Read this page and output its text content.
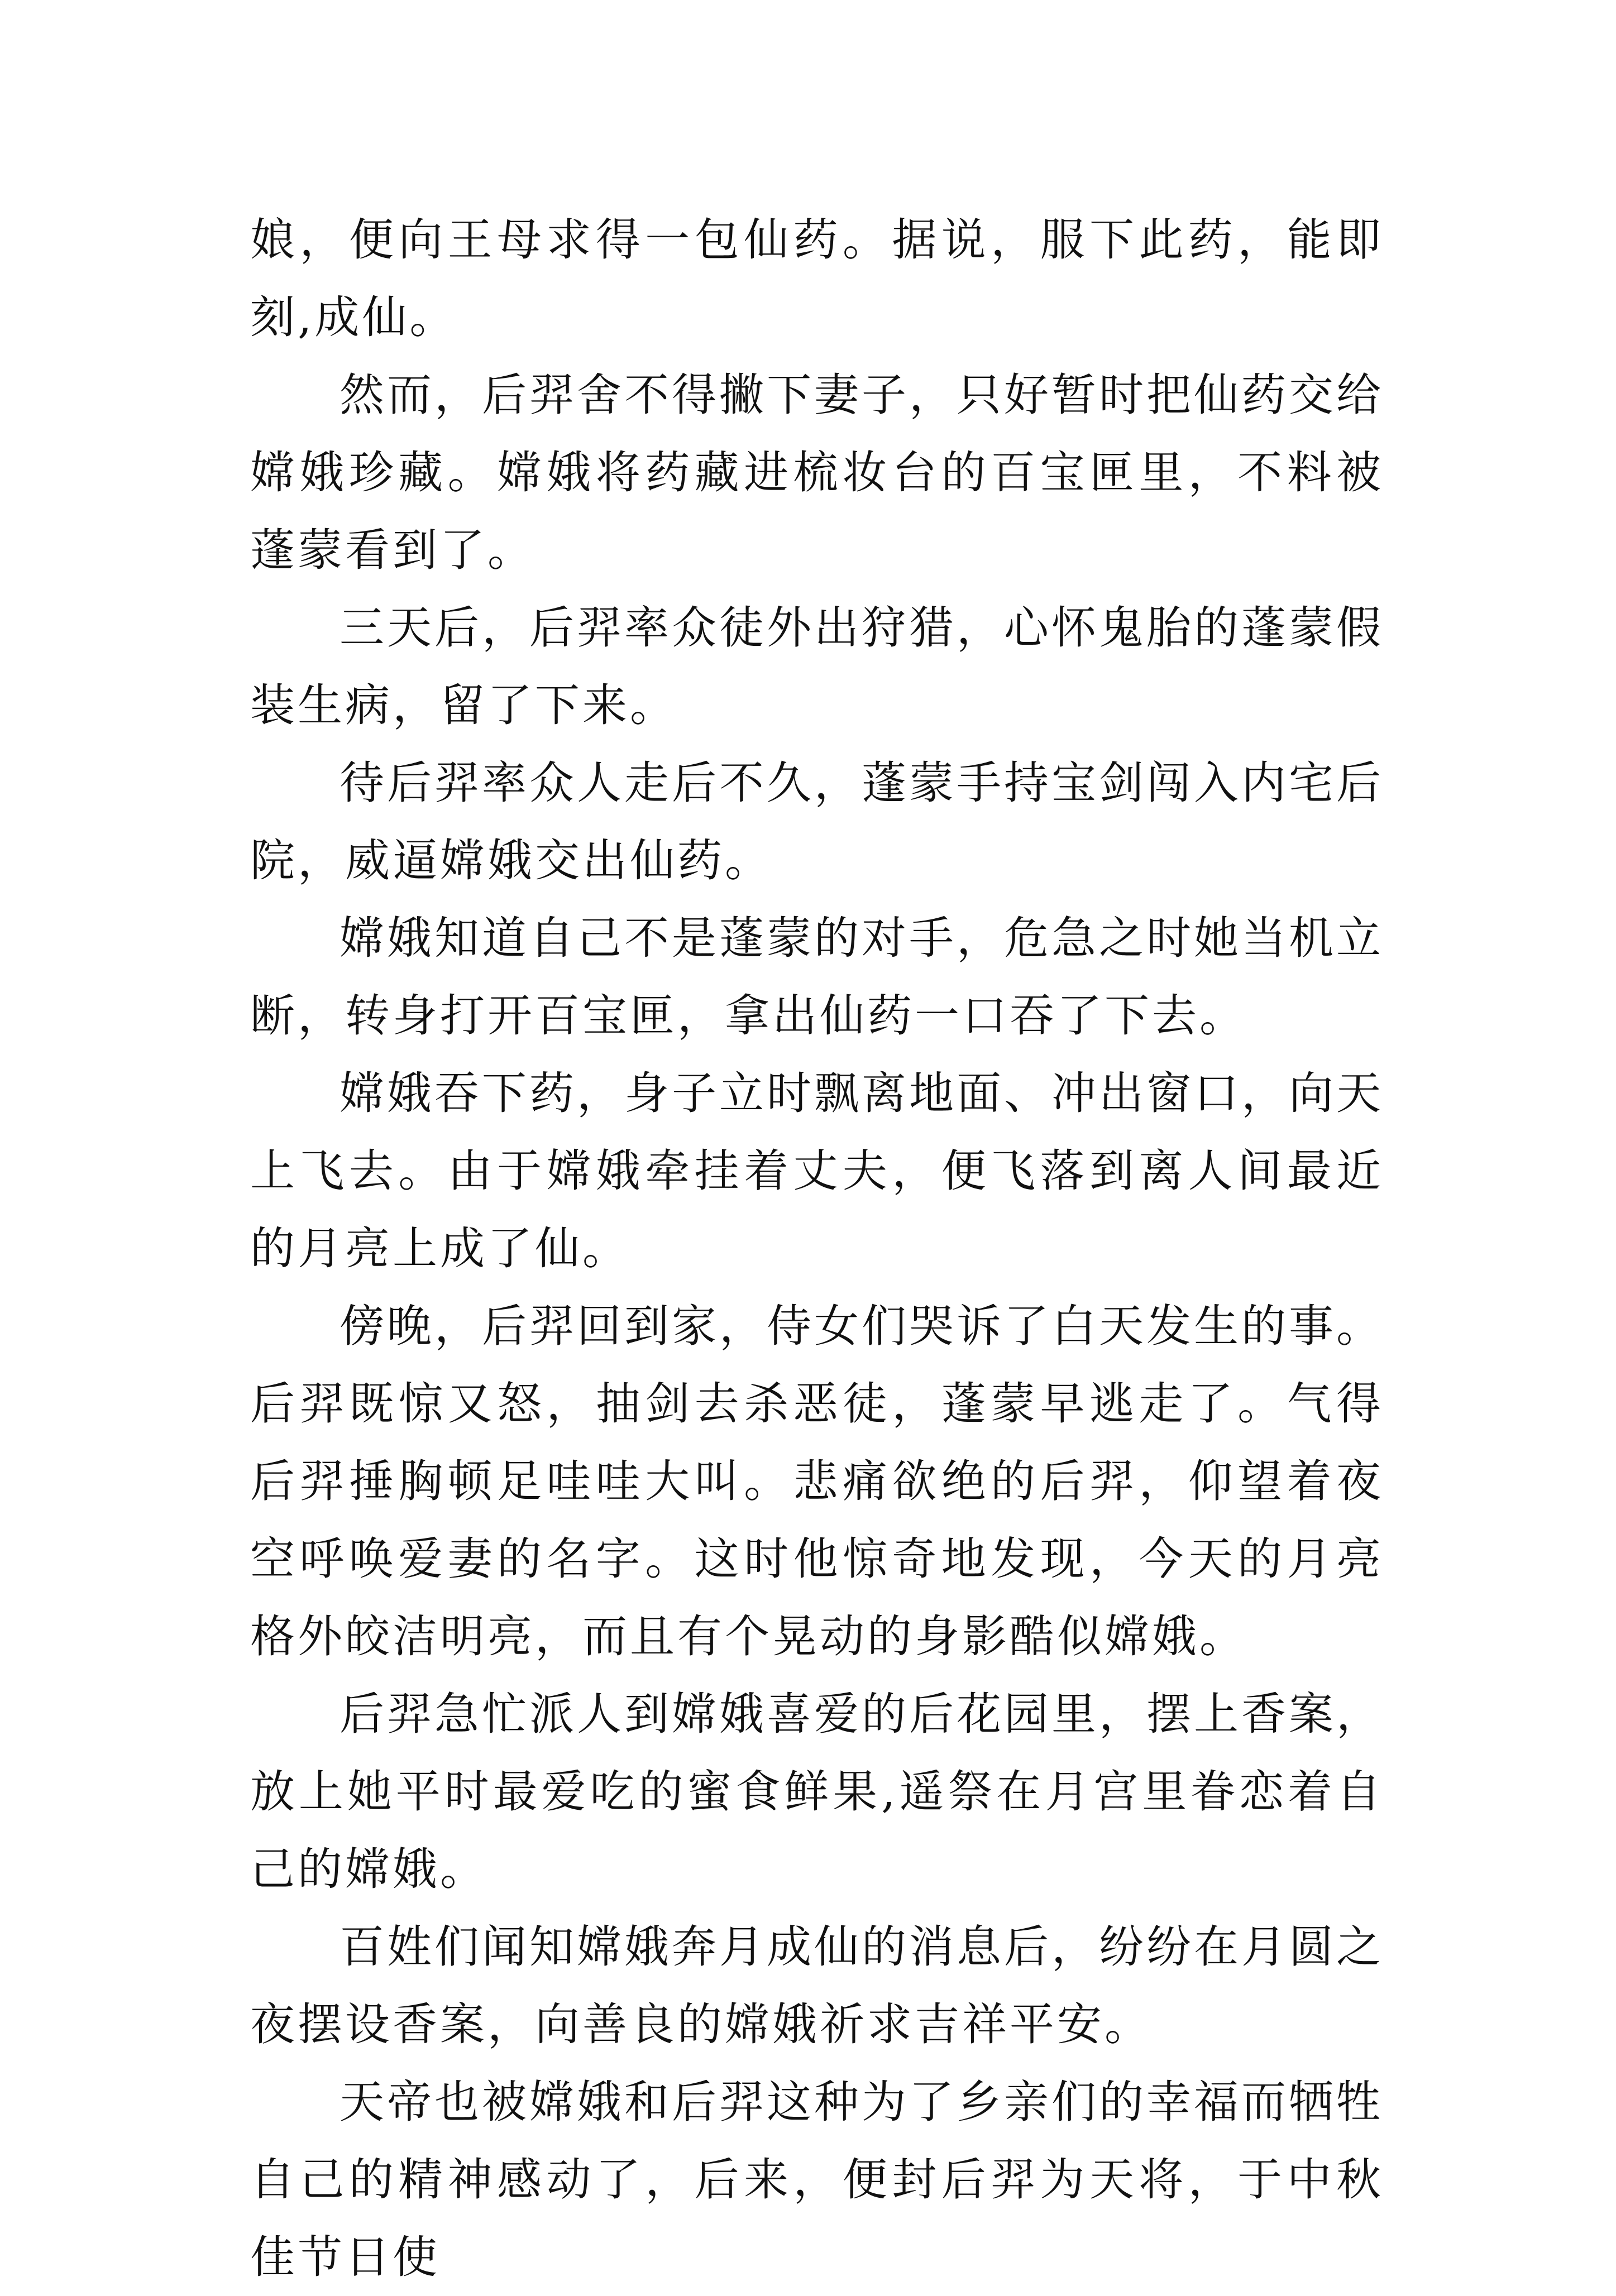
娘，便向王母求得一包仙药。据说，服下此药，能即刻,成仙。

然而，后羿舍不得撇下妻子，只好暂时把仙药交给嫦娥珍藏。嫦娥将药藏进梳妆台的百宝匣里，不料被蓬蒙看到了。

三天后，后羿率众徒外出狩猎，心怀鬼胎的蓬蒙假装生病，留了下来。

待后羿率众人走后不久，蓬蒙手持宝剑闯入内宅后院，威逼嫦娥交出仙药。

嫦娥知道自己不是蓬蒙的对手，危急之时她当机立断，转身打开百宝匣，拿出仙药一口吞了下去。

嫦娥吞下药，身子立时飘离地面、冲出窗口，向天上飞去。由于嫦娥牵挂着丈夫，便飞落到离人间最近的月亮上成了仙。

傍晚，后羿回到家，侍女们哭诉了白天发生的事。后羿既惊又怒，抽剑去杀恶徒，蓬蒙早逃走了。气得后羿捶胸顿足哇哇大叫。悲痛欲绝的后羿，仰望着夜空呼唤爱妻的名字。这时他惊奇地发现，今天的月亮格外皎洁明亮，而且有个晃动的身影酷似嫦娥。

后羿急忙派人到嫦娥喜爱的后花园里，摆上香案，放上她平时最爱吃的蜜食鲜果,遥祭在月宫里眷恋着自己的嫦娥。

百姓们闻知嫦娥奔月成仙的消息后，纷纷在月圆之夜摆设香案，向善良的嫦娥祈求吉祥平安。

天帝也被嫦娥和后羿这种为了乡亲们的幸福而牺牲自己的精神感动了，后来，便封后羿为天将，于中秋佳节日使
